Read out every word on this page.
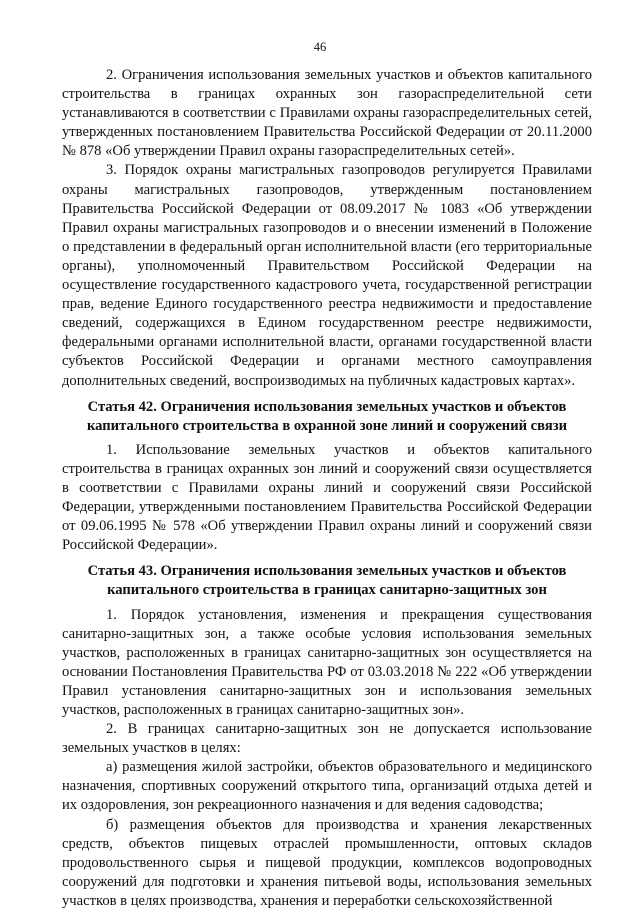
46

2. Ограничения использования земельных участков и объектов капитального строительства в границах охранных зон газораспределительной сети устанавливаются в соответствии с Правилами охраны газораспределительных сетей, утвержденных постановлением Правительства Российской Федерации от 20.11.2000 № 878 «Об утверждении Правил охраны газораспределительных сетей».

3. Порядок охраны магистральных газопроводов регулируется Правилами охраны магистральных газопроводов, утвержденным постановлением Правительства Российской Федерации от 08.09.2017 № 1083 «Об утверждении Правил охраны магистральных газопроводов и о внесении изменений в Положение о представлении в федеральный орган исполнительной власти (его территориальные органы), уполномоченный Правительством Российской Федерации на осуществление государственного кадастрового учета, государственной регистрации прав, ведение Единого государственного реестра недвижимости и предоставление сведений, содержащихся в Едином государственном реестре недвижимости, федеральными органами исполнительной власти, органами государственной власти субъектов Российской Федерации и органами местного самоуправления дополнительных сведений, воспроизводимых на публичных кадастровых картах».

Статья 42. Ограничения использования земельных участков и объектов
капитального строительства в охранной зоне линий и сооружений связи

1. Использование земельных участков и объектов капитального строительства в границах охранных зон линий и сооружений связи осуществляется в соответствии с Правилами охраны линий и сооружений связи Российской Федерации, утвержденными постановлением Правительства Российской Федерации от 09.06.1995 № 578 «Об утверждении Правил охраны линий и сооружений связи Российской Федерации».

Статья 43. Ограничения использования земельных участков и объектов
капитального строительства в границах санитарно-защитных зон

1. Порядок установления, изменения и прекращения существования санитарно-защитных зон, а также особые условия использования земельных участков, расположенных в границах санитарно-защитных зон осуществляется на основании Постановления Правительства РФ от 03.03.2018 № 222 «Об утверждении Правил установления санитарно-защитных зон и использования земельных участков, расположенных в границах санитарно-защитных зон».

2. В границах санитарно-защитных зон не допускается использование земельных участков в целях:

а) размещения жилой застройки, объектов образовательного и медицинского назначения, спортивных сооружений открытого типа, организаций отдыха детей и их оздоровления, зон рекреационного назначения и для ведения садоводства;

б) размещения объектов для производства и хранения лекарственных средств, объектов пищевых отраслей промышленности, оптовых складов продовольственного сырья и пищевой продукции, комплексов водопроводных сооружений для подготовки и хранения питьевой воды, использования земельных участков в целях производства, хранения и переработки сельскохозяйственной
